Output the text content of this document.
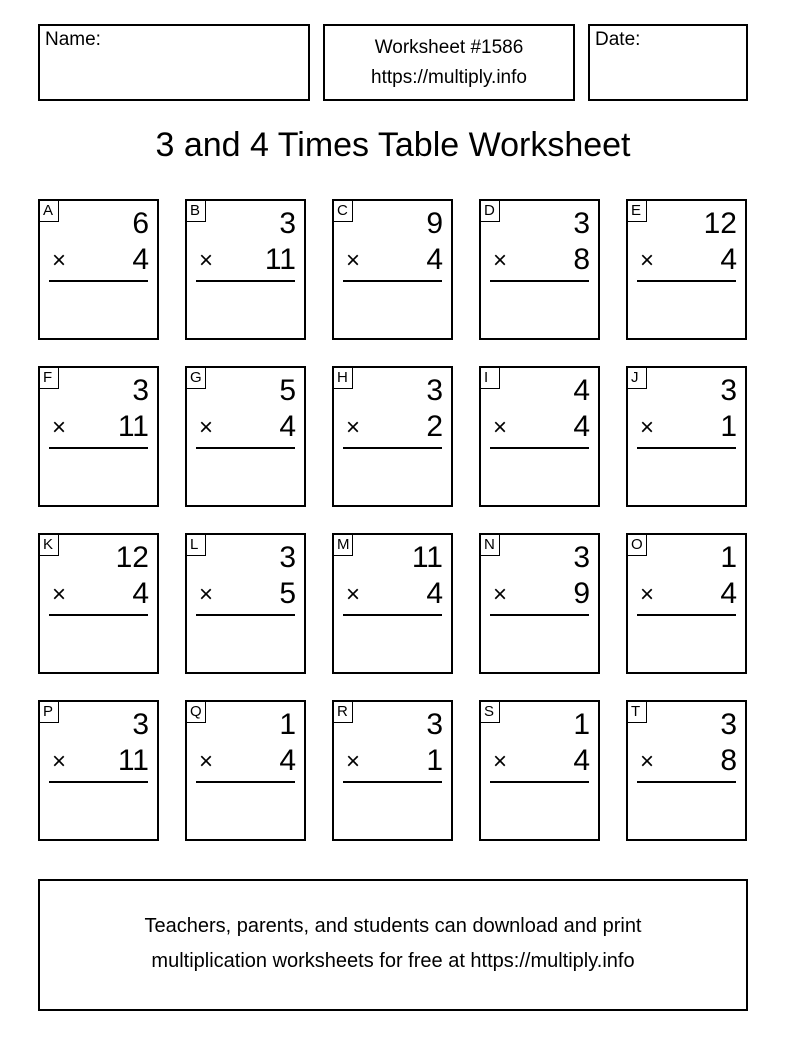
Name:	Worksheet #1586
https://multiply.info
Date:
3 and 4 Times Table Worksheet
A	6
× 4
B	3
× 11
C	9
× 4
D	3
× 8
E 12
× 4
F	3
× 11
G	5
× 4
H	3
× 2
I	4
× 4
J	3
× 1
K 12
× 4
L	3
× 5
M 11
× 4
N	3
× 9
O	1
× 4
P	3
× 11
Q	1
× 4
R	3
× 1
S	1
× 4
T	3
× 8
Teachers, parents, and students can download and print
multiplication worksheets for free at https://multiply.info
